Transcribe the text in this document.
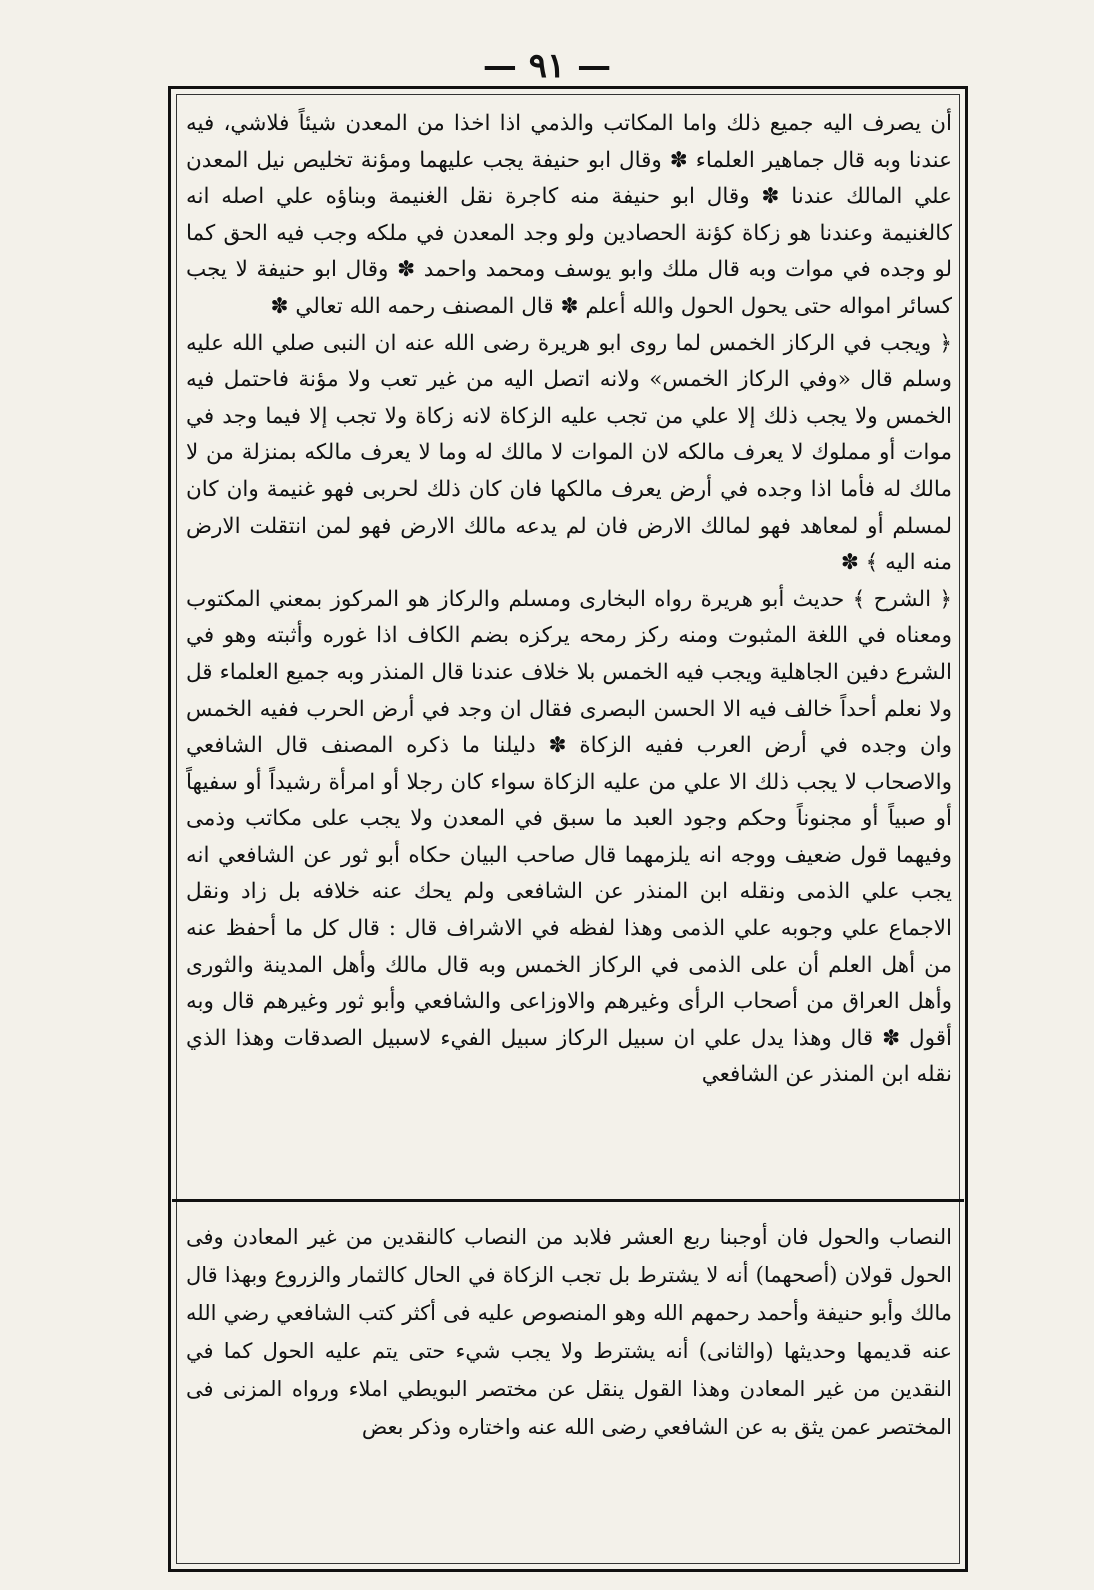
— ٩١ —

أن يصرف اليه جميع ذلك واما المكاتب والذمي اذا اخذا من المعدن شيئاً فلاشي، فيه عندنا وبه قال جماهير العلماء ✽ وقال ابو حنيفة يجب عليهما ومؤنة تخليص نيل المعدن علي المالك عندنا ✽ وقال ابو حنيفة منه كاجرة نقل الغنيمة وبناؤه علي اصله انه كالغنيمة وعندنا هو زكاة كؤنة الحصادين ولو وجد المعدن في ملكه وجب فيه الحق كما لو وجده في موات وبه قال ملك وابو يوسف ومحمد واحمد ✽ وقال ابو حنيفة لا يجب كسائر امواله حتى يحول الحول والله أعلم ✽ قال المصنف رحمه الله تعالي ✽

﴿ ويجب في الركاز الخمس لما روى ابو هريرة رضى الله عنه ان النبى صلي الله عليه وسلم قال «وفي الركاز الخمس» ولانه اتصل اليه من غير تعب ولا مؤنة فاحتمل فيه الخمس ولا يجب ذلك إلا علي من تجب عليه الزكاة لانه زكاة ولا تجب إلا فيما وجد في موات أو مملوك لا يعرف مالكه لان الموات لا مالك له وما لا يعرف مالكه بمنزلة من لا مالك له فأما اذا وجده في أرض يعرف مالكها فان كان ذلك لحربى فهو غنيمة وان كان لمسلم أو لمعاهد فهو لمالك الارض فان لم يدعه مالك الارض فهو لمن انتقلت الارض منه اليه ﴾ ✽

﴿ الشرح ﴾ حديث أبو هريرة رواه البخارى ومسلم والركاز هو المركوز بمعني المكتوب ومعناه في اللغة المثبوت ومنه ركز رمحه يركزه بضم الكاف اذا غوره وأثبته وهو في الشرع دفين الجاهلية ويجب فيه الخمس بلا خلاف عندنا قال المنذر وبه جميع العلماء قل ولا نعلم أحداً خالف فيه الا الحسن البصرى فقال ان وجد في أرض الحرب ففيه الخمس وان وجده في أرض العرب ففيه الزكاة ✽ دليلنا ما ذكره المصنف قال الشافعي والاصحاب لا يجب ذلك الا علي من عليه الزكاة سواء كان رجلا أو امرأة رشيداً أو سفيهاً أو صبياً أو مجنوناً وحكم وجود العبد ما سبق في المعدن ولا يجب على مكاتب وذمى وفيهما قول ضعيف ووجه انه يلزمهما قال صاحب البيان حكاه أبو ثور عن الشافعي انه يجب علي الذمى ونقله ابن المنذر عن الشافعى ولم يحك عنه خلافه بل زاد ونقل الاجماع علي وجوبه علي الذمى وهذا لفظه في الاشراف قال : قال كل ما أحفظ عنه من أهل العلم أن على الذمى في الركاز الخمس وبه قال مالك وأهل المدينة والثورى وأهل العراق من أصحاب الرأى وغيرهم والاوزاعى والشافعي وأبو ثور وغيرهم قال وبه أقول ✽ قال وهذا يدل علي ان سبيل الركاز سبيل الفيء لاسبيل الصدقات وهذا الذي نقله ابن المنذر عن الشافعي

النصاب والحول فان أوجبنا ربع العشر فلابد من النصاب كالنقدين من غير المعادن وفى الحول قولان (أصحهما) أنه لا يشترط بل تجب الزكاة في الحال كالثمار والزروع وبهذا قال مالك وأبو حنيفة وأحمد رحمهم الله وهو المنصوص عليه فى أكثر كتب الشافعي رضي الله عنه قديمها وحديثها (والثانى) أنه يشترط ولا يجب شيء حتى يتم عليه الحول كما في النقدين من غير المعادن وهذا القول ينقل عن مختصر البويطي املاء ورواه المزنى فى المختصر عمن يثق به عن الشافعي رضى الله عنه واختاره وذكر بعض
